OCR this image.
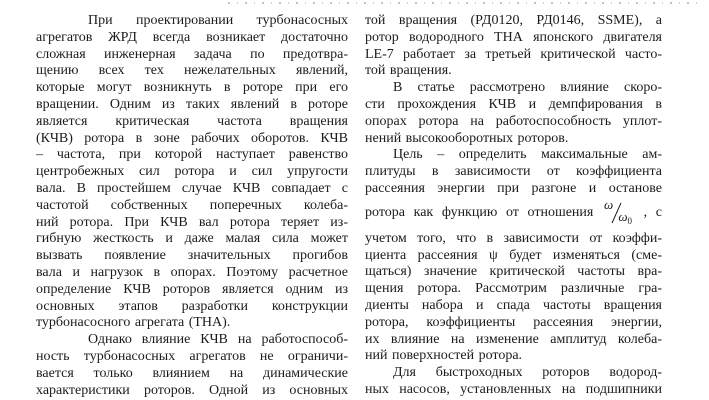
При проектировании турбонасосных
агрегатов ЖРД всегда возникает достаточно
сложная инженерная задача по предотвра-
щению всех тех нежелательных явлений,
которые могут возникнуть в роторе при его
вращении. Одним из таких явлений в роторе
является критическая частота вращения
(КЧВ) ротора в зоне рабочих оборотов. КЧВ
– частота, при которой наступает равенство
центробежных сил ротора и сил упругости
вала. В простейшем случае КЧВ совпадает с
частотой собственных поперечных колеба-
ний ротора. При КЧВ вал ротора теряет из-
гибную жесткость и даже малая сила может
вызвать появление значительных прогибов
вала и нагрузок в опорах. Поэтому расчетное
определение КЧВ роторов является одним из
основных этапов разработки конструкции
турбонасосного агрегата (ТНА).
Однако влияние КЧВ на работоспособ-
ность турбонасосных агрегатов не ограничи-
вается только влиянием на динамические
характеристики роторов. Одной из основных
той вращения (РД0120, РД0146, SSME), а
ротор водородного ТНА японского двигателя
LE-7 работает за третьей критической часто-
той вращения.
В статье рассмотрено влияние скоро-
сти прохождения КЧВ и демпфирования в
опорах ротора на работоспособность уплот-
нений высокооборотных роторов.
Цель – определить максимальные ам-
плитуды в зависимости от коэффициента
рассеяния энергии при разгоне и останове
ротора как функцию от отношения
ω
$\omega_0$
, с
учетом того, что в зависимости от коэффи-
циента рассеяния ψ будет изменяться (сме-
щаться) значение критической частоты вра-
щения ротора. Рассмотрим различные гра-
диенты набора и спада частоты вращения
ротора, коэффициенты рассеяния энергии,
их влияние на изменение амплитуд колеба-
ний поверхностей ротора.
Для быстроходных роторов водород-
ных насосов, установленных на подшипники
